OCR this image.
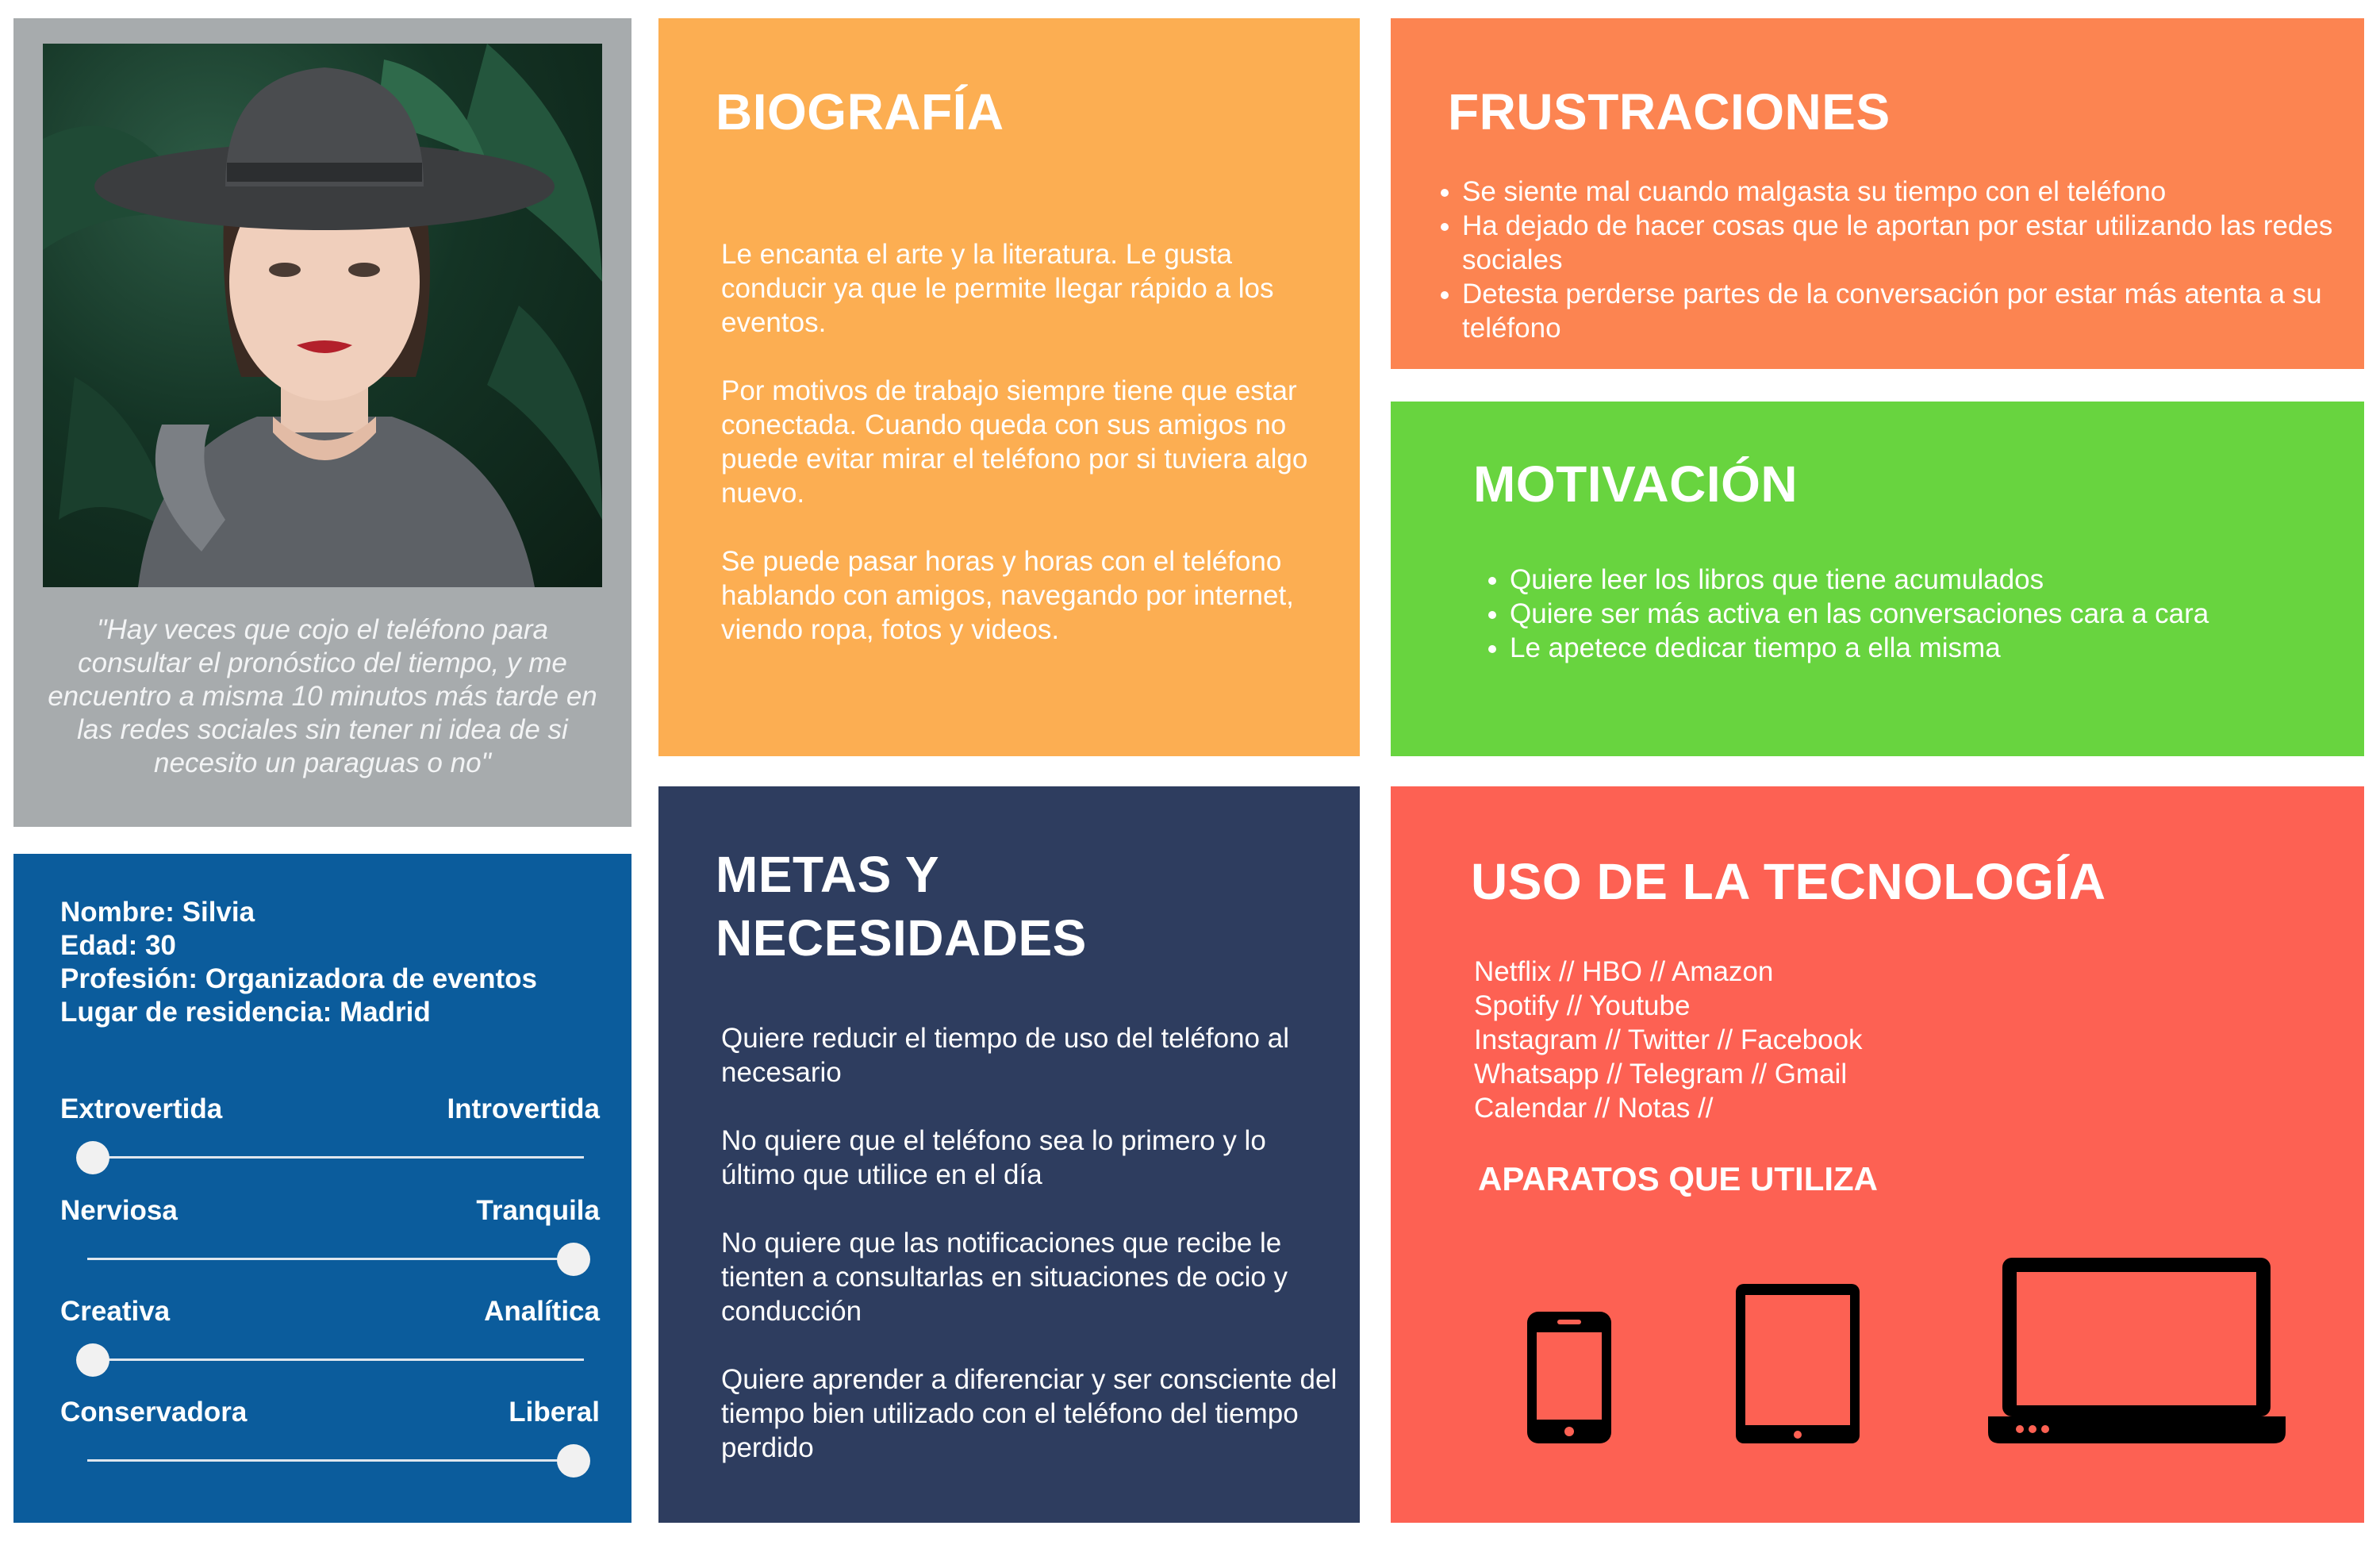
"Hay veces que cojo el teléfono para consultar el pronóstico del tiempo, y me encuentro a misma 10 minutos más tarde en las redes sociales sin tener ni idea de si necesito un paraguas o no"
Nombre: Silvia
Edad: 30
Profesión: Organizadora de eventos
Lugar de residencia: Madrid
Extrovertida	Introvertida
Nerviosa	Tranquila
Creativa	Analítica
Conservadora	Liberal
BIOGRAFÍA

Le encanta el arte y la literatura. Le gusta conducir ya que le permite llegar rápido a los eventos.

Por motivos de trabajo siempre tiene que estar conectada. Cuando queda con sus amigos no puede evitar mirar el teléfono por si tuviera algo nuevo.

Se puede pasar horas y horas con el teléfono hablando con amigos, navegando por internet, viendo ropa, fotos y videos.

FRUSTRACIONES
• Se siente mal cuando malgasta su tiempo con el teléfono
• Ha dejado de hacer cosas que le aportan por estar utilizando las redes sociales
• Detesta perderse partes de la conversación por estar más atenta a su teléfono
MOTIVACIÓN
• Quiere leer los libros que tiene acumulados
• Quiere ser más activa en las conversaciones cara a cara
• Le apetece dedicar tiempo a ella misma
METAS Y
NECESIDADES

Quiere reducir el tiempo de uso del teléfono al necesario

No quiere que el teléfono sea lo primero y lo último que utilice en el día

No quiere que las notificaciones que recibe le tienten a consultarlas en situaciones de ocio y conducción

Quiere aprender a diferenciar y ser consciente del tiempo bien utilizado con el teléfono del tiempo perdido

USO DE LA TECNOLOGÍA
Netflix // HBO // Amazon
Spotify // Youtube
Instagram // Twitter // Facebook
Whatsapp // Telegram // Gmail
Calendar // Notas //
APARATOS QUE UTILIZA
